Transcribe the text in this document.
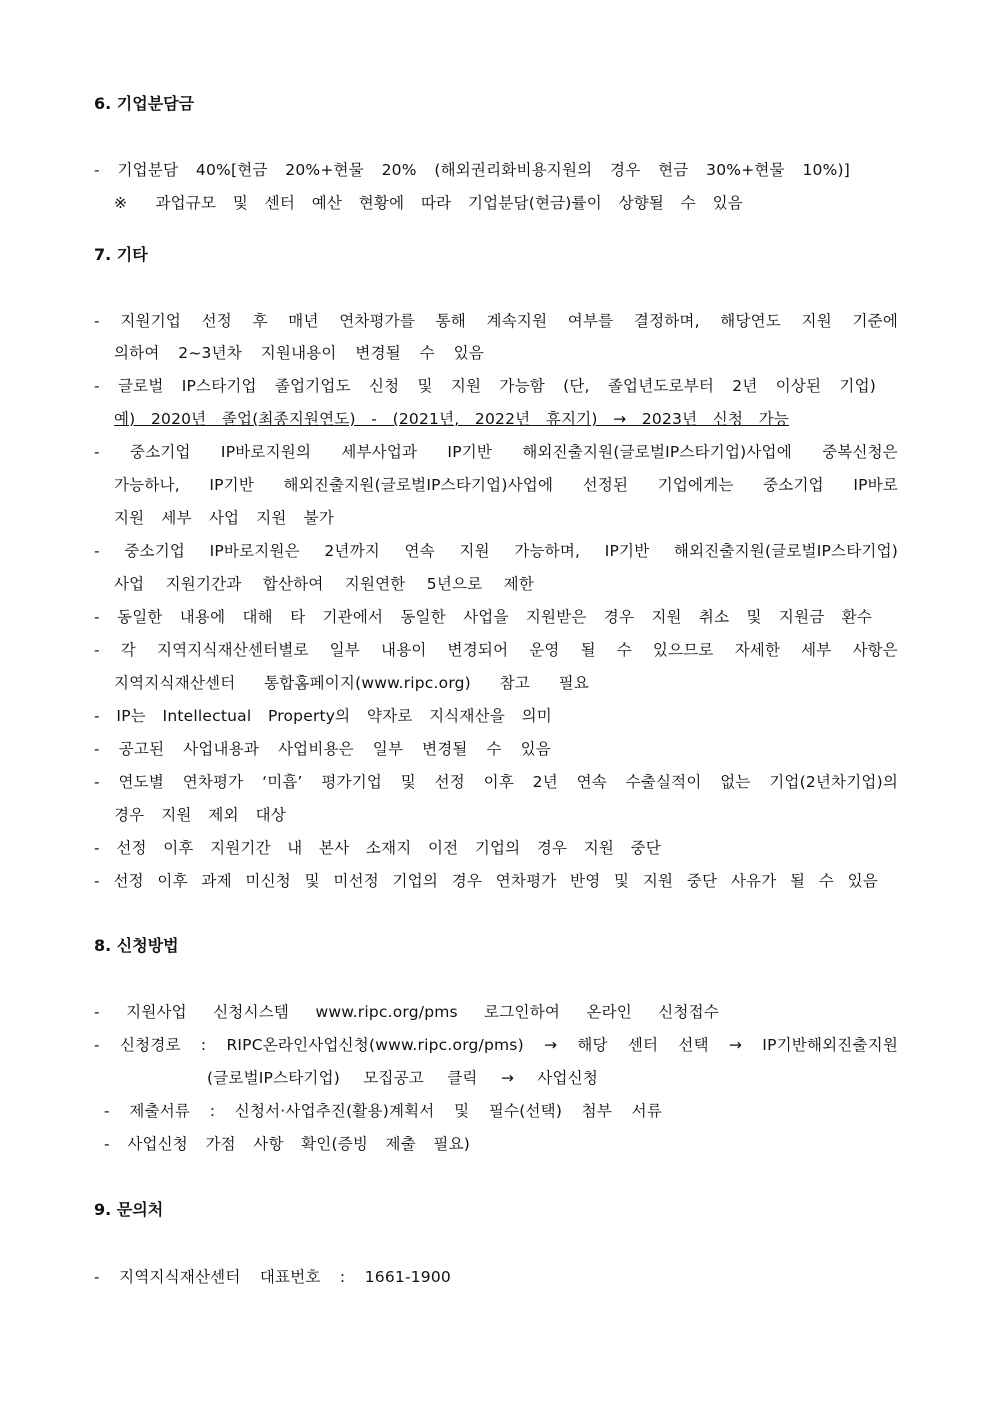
6. 기업분담금
- 기업분담 40%[현금 20%+현물 20% (해외권리화비용지원의 경우 현금 30%+현물 10%)]
※ 과업규모 및 센터 예산 현황에 따라 기업분담(현금)률이 상향될 수 있음
7. 기타
- 지원기업 선정 후 매년 연차평가를 통해 계속지원 여부를 결정하며, 해당연도 지원 기준에
의하여 2~3년차 지원내용이 변경될 수 있음
- 글로벌 IP스타기업 졸업기업도 신청 및 지원 가능함 (단, 졸업년도로부터 2년 이상된 기업)
예) 2020년 졸업(최종지원연도) - (2021년, 2022년 휴지기) → 2023년 신청 가능
- 중소기업 IP바로지원의 세부사업과 IP기반 해외진출지원(글로벌IP스타기업)사업에 중복신청은
가능하나, IP기반 해외진출지원(글로벌IP스타기업)사업에 선정된 기업에게는 중소기업 IP바로
지원 세부 사업 지원 불가
- 중소기업 IP바로지원은 2년까지 연속 지원 가능하며, IP기반 해외진출지원(글로벌IP스타기업)
사업 지원기간과 합산하여 지원연한 5년으로 제한
- 동일한 내용에 대해 타 기관에서 동일한 사업을 지원받은 경우 지원 취소 및 지원금 환수
- 각 지역지식재산센터별로 일부 내용이 변경되어 운영 될 수 있으므로 자세한 세부 사항은
지역지식재산센터 통합홈페이지(www.ripc.org) 참고 필요
- IP는 Intellectual Property의 약자로 지식재산을 의미
- 공고된 사업내용과 사업비용은 일부 변경될 수 있음
- 연도별 연차평가 ‘미흡’ 평가기업 및 선정 이후 2년 연속 수출실적이 없는 기업(2년차기업)의
경우 지원 제외 대상
- 선정 이후 지원기간 내 본사 소재지 이전 기업의 경우 지원 중단
- 선정 이후 과제 미신청 및 미선정 기업의 경우 연차평가 반영 및 지원 중단 사유가 될 수 있음
8. 신청방법
- 지원사업 신청시스템 www.ripc.org/pms 로그인하여 온라인 신청접수
- 신청경로 : RIPC온라인사업신청(www.ripc.org/pms) → 해당 센터 선택 → IP기반해외진출지원
(글로벌IP스타기업) 모집공고 클릭 → 사업신청
- 제출서류 : 신청서·사업추진(활용)계획서 및 필수(선택) 첨부 서류
- 사업신청 가점 사항 확인(증빙 제출 필요)
9. 문의처
- 지역지식재산센터 대표번호 : 1661-1900
